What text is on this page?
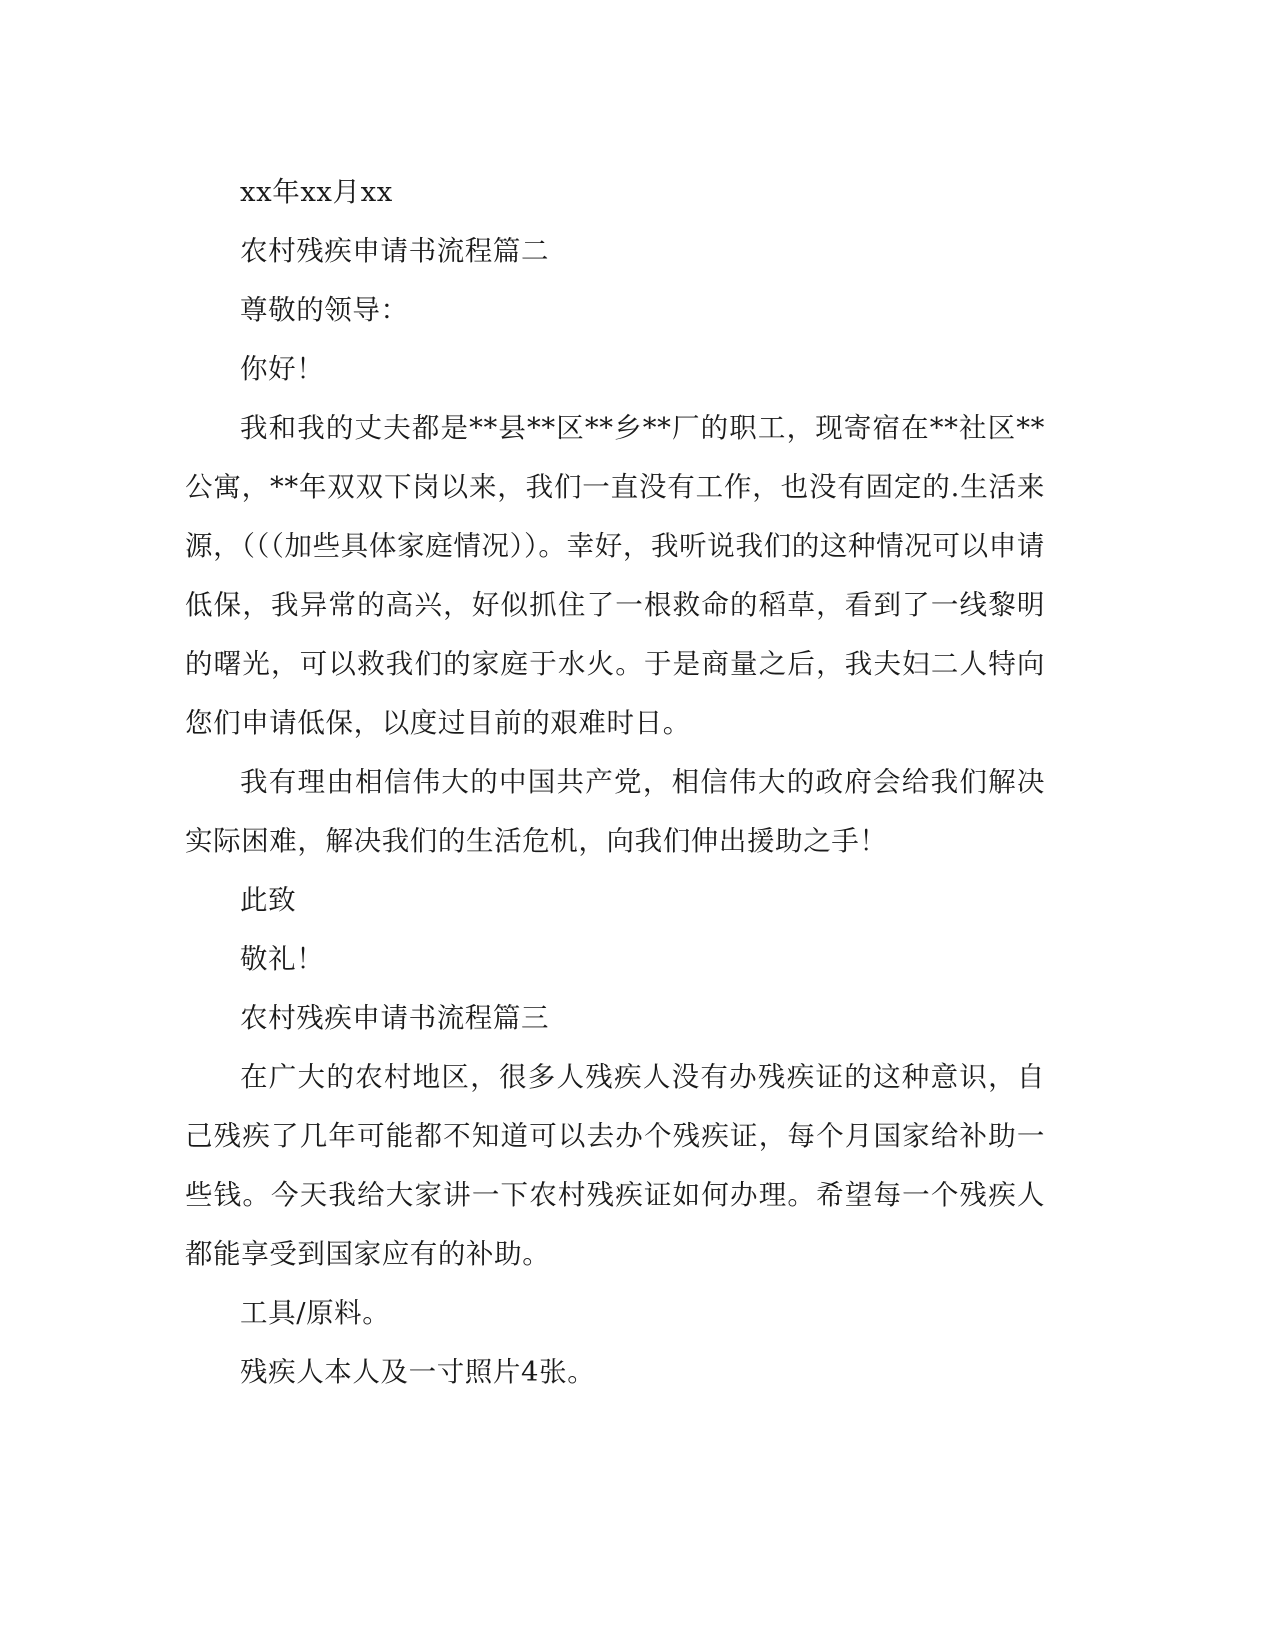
xx年xx月xx

农村残疾申请书流程篇二

尊敬的领导：

你好！

我和我的丈夫都是**县**区**乡**厂的职工，现寄宿在**社区**公寓，**年双双下岗以来，我们一直没有工作，也没有固定的.生活来源，（（（加些具体家庭情况））。幸好，我听说我们的这种情况可以申请低保，我异常的高兴，好似抓住了一根救命的稻草，看到了一线黎明的曙光，可以救我们的家庭于水火。于是商量之后，我夫妇二人特向您们申请低保，以度过目前的艰难时日。

我有理由相信伟大的中国共产党，相信伟大的政府会给我们解决实际困难，解决我们的生活危机，向我们伸出援助之手！

此致

敬礼！

农村残疾申请书流程篇三

在广大的农村地区，很多人残疾人没有办残疾证的这种意识，自己残疾了几年可能都不知道可以去办个残疾证，每个月国家给补助一些钱。今天我给大家讲一下农村残疾证如何办理。希望每一个残疾人都能享受到国家应有的补助。

工具/原料。

残疾人本人及一寸照片4张。
